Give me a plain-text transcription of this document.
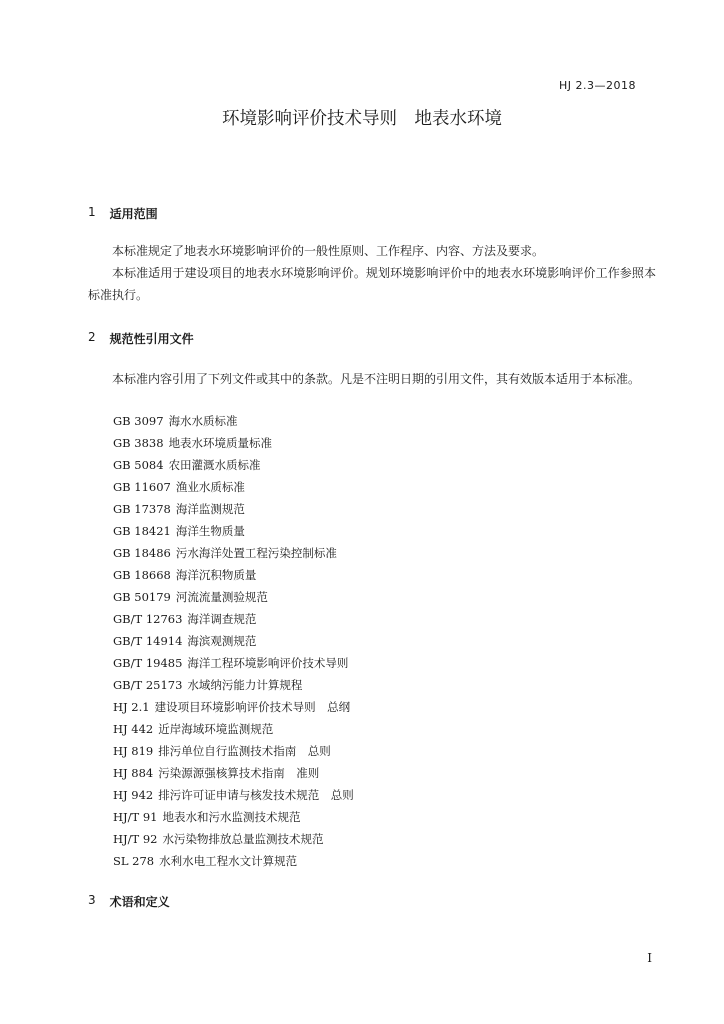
HJ 2.3—2018
环境影响评价技术导则　地表水环境
1 适用范围
本标准规定了地表水环境影响评价的一般性原则、工作程序、内容、方法及要求。
本标准适用于建设项目的地表水环境影响评价。规划环境影响评价中的地表水环境影响评价工作参照本标准执行。
2 规范性引用文件
本标准内容引用了下列文件或其中的条款。凡是不注明日期的引用文件，其有效版本适用于本标准。
GB 3097 海水水质标准
GB 3838 地表水环境质量标准
GB 5084 农田灌溉水质标准
GB 11607 渔业水质标准
GB 17378 海洋监测规范
GB 18421 海洋生物质量
GB 18486 污水海洋处置工程污染控制标准
GB 18668 海洋沉积物质量
GB 50179 河流流量测验规范
GB/T 12763 海洋调查规范
GB/T 14914 海滨观测规范
GB/T 19485 海洋工程环境影响评价技术导则
GB/T 25173 水域纳污能力计算规程
HJ 2.1 建设项目环境影响评价技术导则　总纲
HJ 442 近岸海域环境监测规范
HJ 819 排污单位自行监测技术指南　总则
HJ 884 污染源源强核算技术指南　准则
HJ 942 排污许可证申请与核发技术规范　总则
HJ/T 91 地表水和污水监测技术规范
HJ/T 92 水污染物排放总量监测技术规范
SL 278 水利水电工程水文计算规范
3 术语和定义
I
